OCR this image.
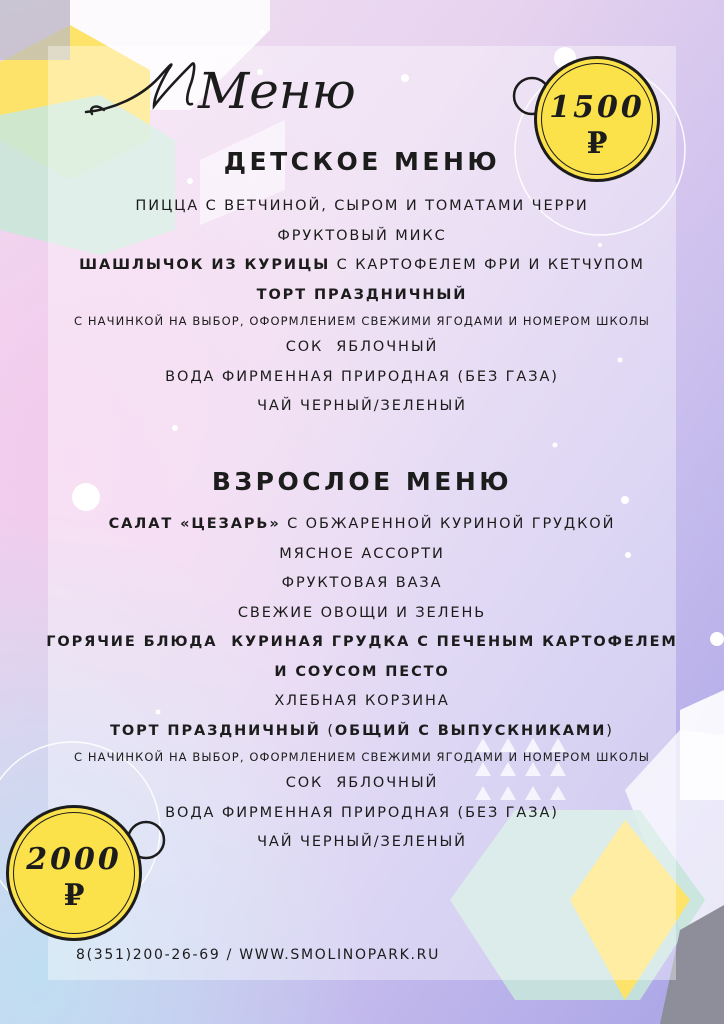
Меню	1500
₽
2000
₽
ДЕТСКОЕ МЕНЮ
ПИЦЦА С ВЕТЧИНОЙ, СЫРОМ И ТОМАТАМИ ЧЕРРИ
ФРУКТОВЫЙ МИКС
ШАШЛЫЧОК ИЗ КУРИЦЫ С КАРТОФЕЛЕМ ФРИ И КЕТЧУПОМ
ТОРТ ПРАЗДНИЧНЫЙ
С НАЧИНКОЙ НА ВЫБОР, ОФОРМЛЕНИЕМ СВЕЖИМИ ЯГОДАМИ И НОМЕРОМ ШКОЛЫ
СОК  ЯБЛОЧНЫЙ
ВОДА ФИРМЕННАЯ ПРИРОДНАЯ (БЕЗ ГАЗА)
ЧАЙ ЧЕРНЫЙ/ЗЕЛЕНЫЙ
ВЗРОСЛОЕ МЕНЮ
САЛАТ «ЦЕЗАРЬ» С ОБЖАРЕННОЙ КУРИНОЙ ГРУДКОЙ
МЯСНОЕ АССОРТИ
ФРУКТОВАЯ ВАЗА
СВЕЖИЕ ОВОЩИ И ЗЕЛЕНЬ
ГОРЯЧИЕ БЛЮДА  КУРИНАЯ ГРУДКА С ПЕЧЕНЫМ КАРТОФЕЛЕМ
И СОУСОМ ПЕСТО
ХЛЕБНАЯ КОРЗИНА
ТОРТ ПРАЗДНИЧНЫЙ (ОБЩИЙ С ВЫПУСКНИКАМИ)
С НАЧИНКОЙ НА ВЫБОР, ОФОРМЛЕНИЕМ СВЕЖИМИ ЯГОДАМИ И НОМЕРОМ ШКОЛЫ
СОК  ЯБЛОЧНЫЙ
ВОДА ФИРМЕННАЯ ПРИРОДНАЯ (БЕЗ ГАЗА)
ЧАЙ ЧЕРНЫЙ/ЗЕЛЕНЫЙ
8(351)200-26-69 / WWW.SMOLINOPARK.RU
